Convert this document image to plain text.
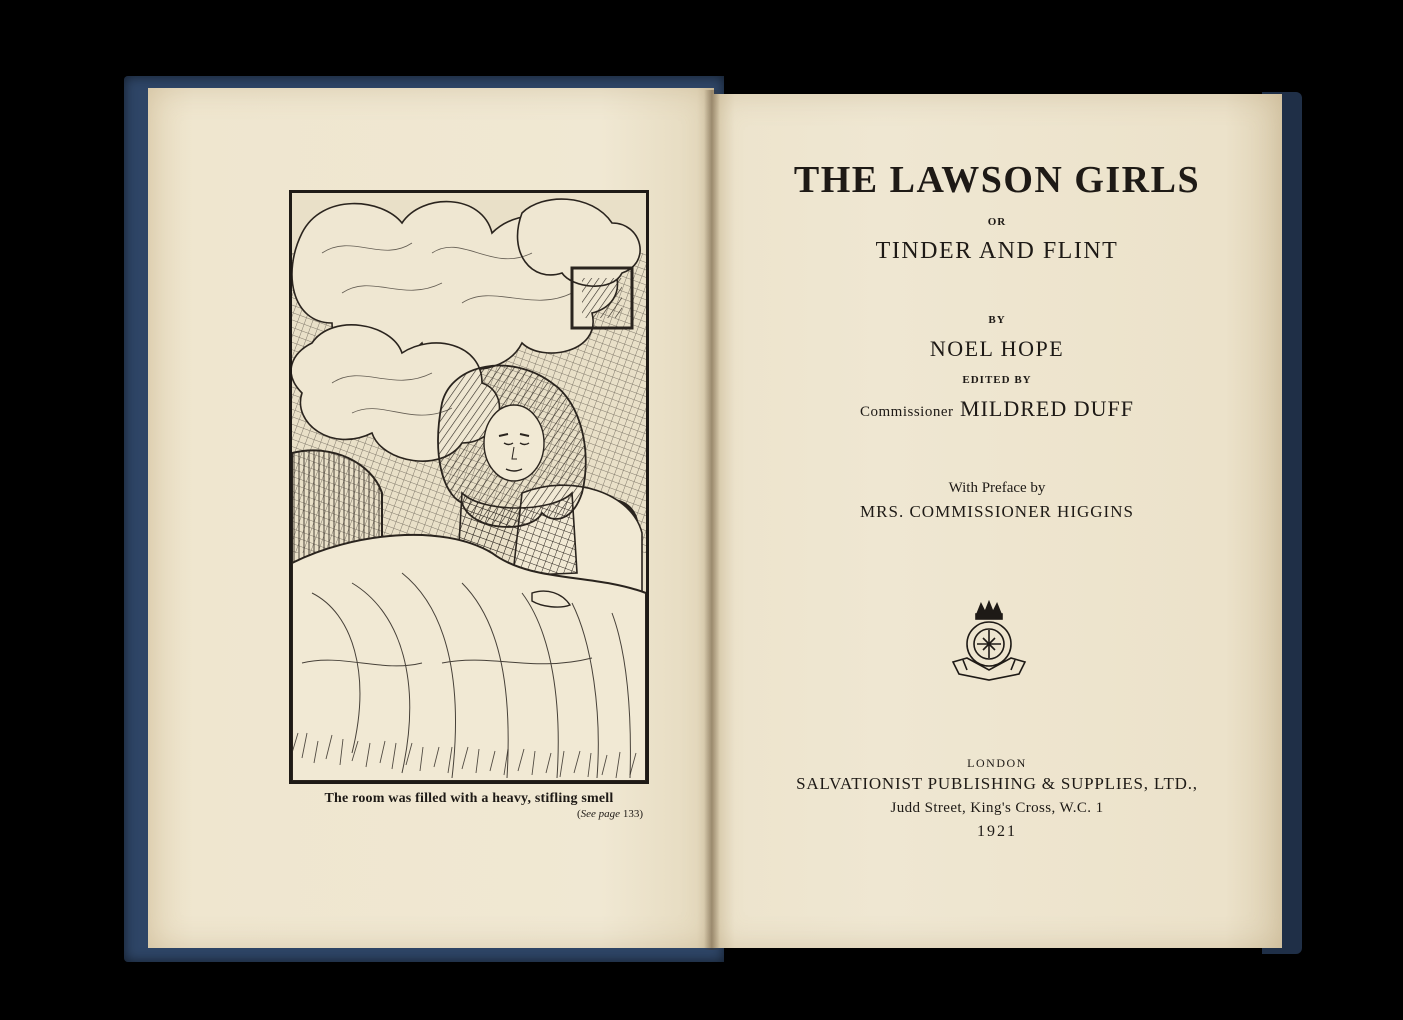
The room was filled with a heavy, stifling smell
(See page 133)
THE LAWSON GIRLS
OR
TINDER AND FLINT
BY
NOEL HOPE
EDITED BY
Commissioner MILDRED DUFF
With Preface by
MRS. COMMISSIONER HIGGINS
LONDON
SALVATIONIST PUBLISHING & SUPPLIES, LTD.,
Judd Street, King's Cross, W.C. 1
1921
